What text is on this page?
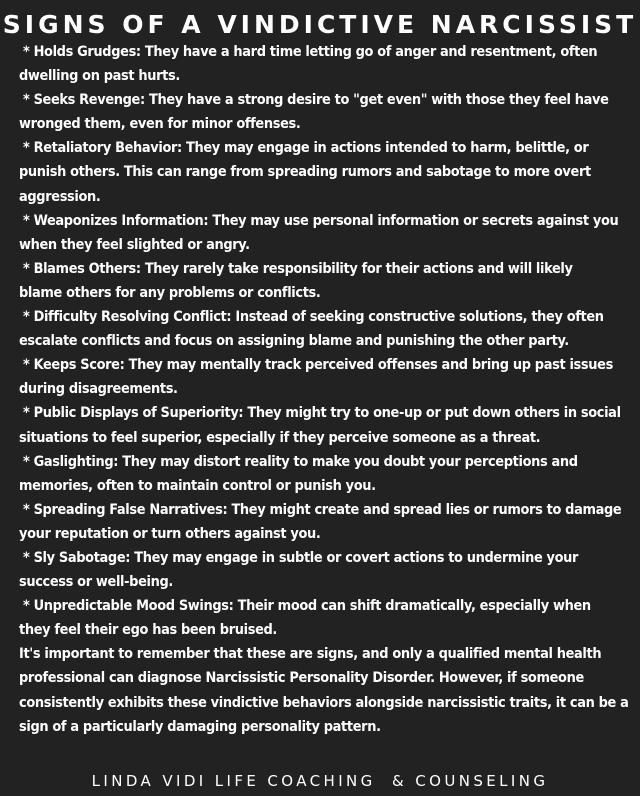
SIGNS OF A VINDICTIVE NARCISSIST

* Holds Grudges: They have a hard time letting go of anger and resentment, often
dwelling on past hurts.

* Seeks Revenge: They have a strong desire to "get even" with those they feel have
wronged them, even for minor offenses.

* Retaliatory Behavior: They may engage in actions intended to harm, belittle, or
punish others. This can range from spreading rumors and sabotage to more overt aggression.

* Weaponizes Information: They may use personal information or secrets against you
when they feel slighted or angry.

* Blames Others: They rarely take responsibility for their actions and will likely
blame others for any problems or conflicts.

* Difficulty Resolving Conflict: Instead of seeking constructive solutions, they often
escalate conflicts and focus on assigning blame and punishing the other party.

* Keeps Score: They may mentally track perceived offenses and bring up past issues
during disagreements.

* Public Displays of Superiority: They might try to one-up or put down others in social
situations to feel superior, especially if they perceive someone as a threat.

* Gaslighting: They may distort reality to make you doubt your perceptions and
memories, often to maintain control or punish you.

* Spreading False Narratives: They might create and spread lies or rumors to damage
your reputation or turn others against you.

* Sly Sabotage: They may engage in subtle or covert actions to undermine your
success or well-being.

* Unpredictable Mood Swings: Their mood can shift dramatically, especially when
they feel their ego has been bruised.

It's important to remember that these are signs, and only a qualified mental health professional can diagnose Narcissistic Personality Disorder. However, if someone consistently exhibits these vindictive behaviors alongside narcissistic traits, it can be a sign of a particularly damaging personality pattern.

LINDA VIDI LIFE COACHING  & COUNSELING
